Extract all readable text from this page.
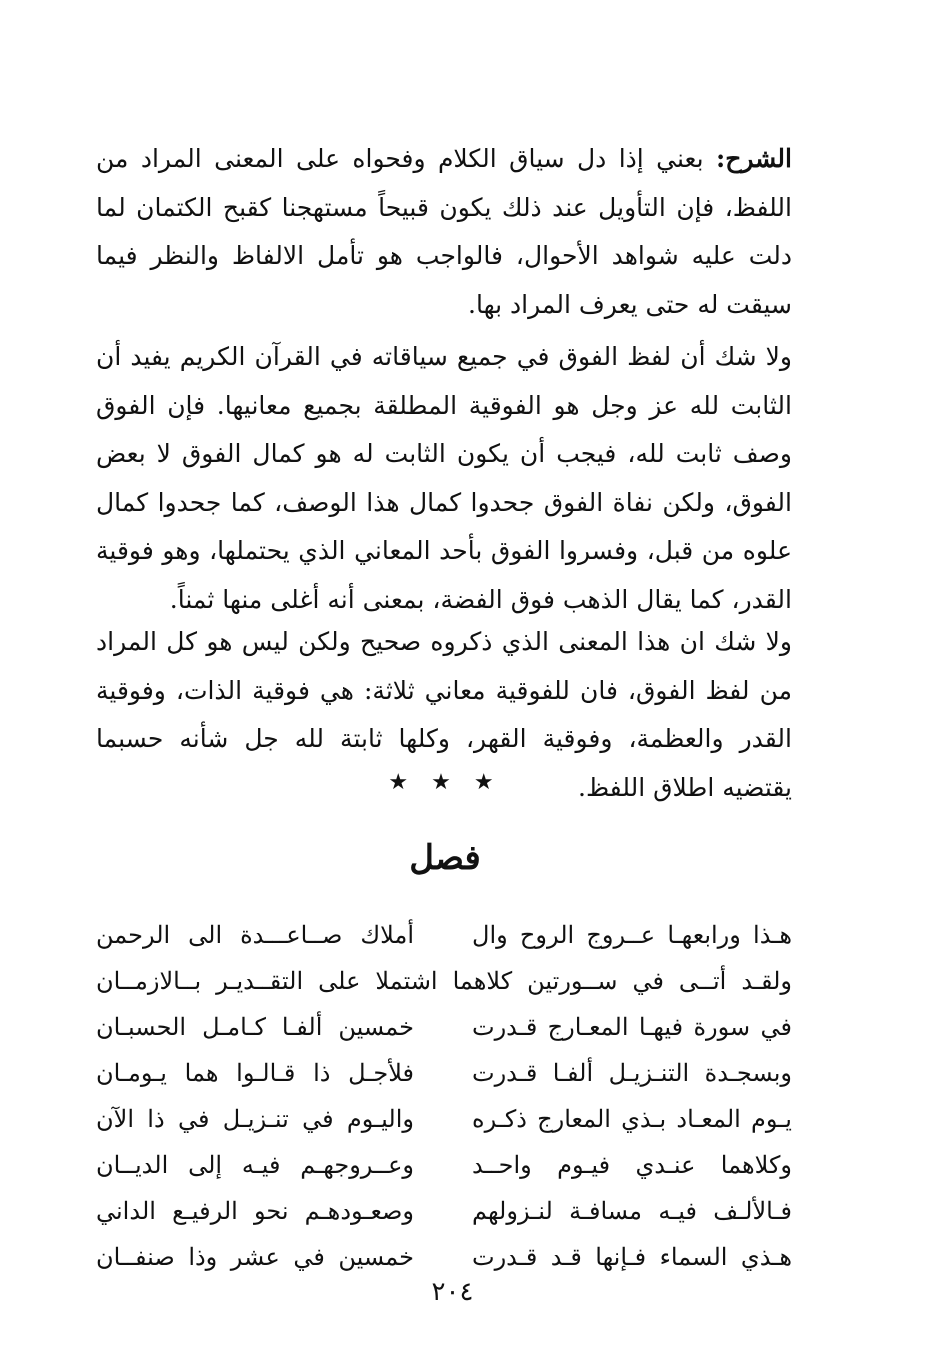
الشرح: بعني إذا دل سياق الكلام وفحواه على المعنى المراد من اللفظ، فإن التأويل عند ذلك يكون قبيحاً مستهجنا كقبح الكتمان لما دلت عليه شواهد الأحوال، فالواجب هو تأمل الالفاظ والنظر فيما سيقت له حتى يعرف المراد بها.

ولا شك أن لفظ الفوق في جميع سياقاته في القرآن الكريم يفيد أن الثابت لله عز وجل هو الفوقية المطلقة بجميع معانيها. فإن الفوق وصف ثابت لله، فيجب أن يكون الثابت له هو كمال الفوق لا بعض الفوق، ولكن نفاة الفوق جحدوا كمال هذا الوصف، كما جحدوا كمال علوه من قبل، وفسروا الفوق بأحد المعاني الذي يحتملها، وهو فوقية القدر، كما يقال الذهب فوق الفضة، بمعنى أنه أغلى منها ثمناً.

ولا شك ان هذا المعنى الذي ذكروه صحيح ولكن ليس هو كل المراد من لفظ الفوق، فان للفوقية معاني ثلاثة: هي فوقية الذات، وفوقية القدر والعظمة، وفوقية القهر، وكلها ثابتة لله جل شأنه حسبما يقتضيه اطلاق اللفظ.

★ ★ ★
فصل
هـذا ورابعهـا عــروج الروح وال
أملاك صــاعـــدة الى الرحمن
ولقـد أتــى في ســورتين كلاهما اشتملا على التقــديـر بــالازمــان
في سورة فيهـا المعـارج قـدرت
خمسين ألفـا كـامـل الحسبـان
وبسجـدة التنـزيـل ألفـا قـدرت
فلأجـل ذا قـالـوا هما يـومـان
يـوم المعـاد بـذي المعارج ذكـره
واليـوم في تنـزيـل في ذا الآن
وكلاهما عنـدي فيـوم واحــد
وعــروجهـم فيـه إلى الديــان
فـالألـف فيـه مسافـة لنـزولهم
وصعـودهـم نحو الرفيـع الداني
هـذي السماء فـإنها قـد قـدرت
خمسين في عشر وذا صنفــان
٢٠٤
